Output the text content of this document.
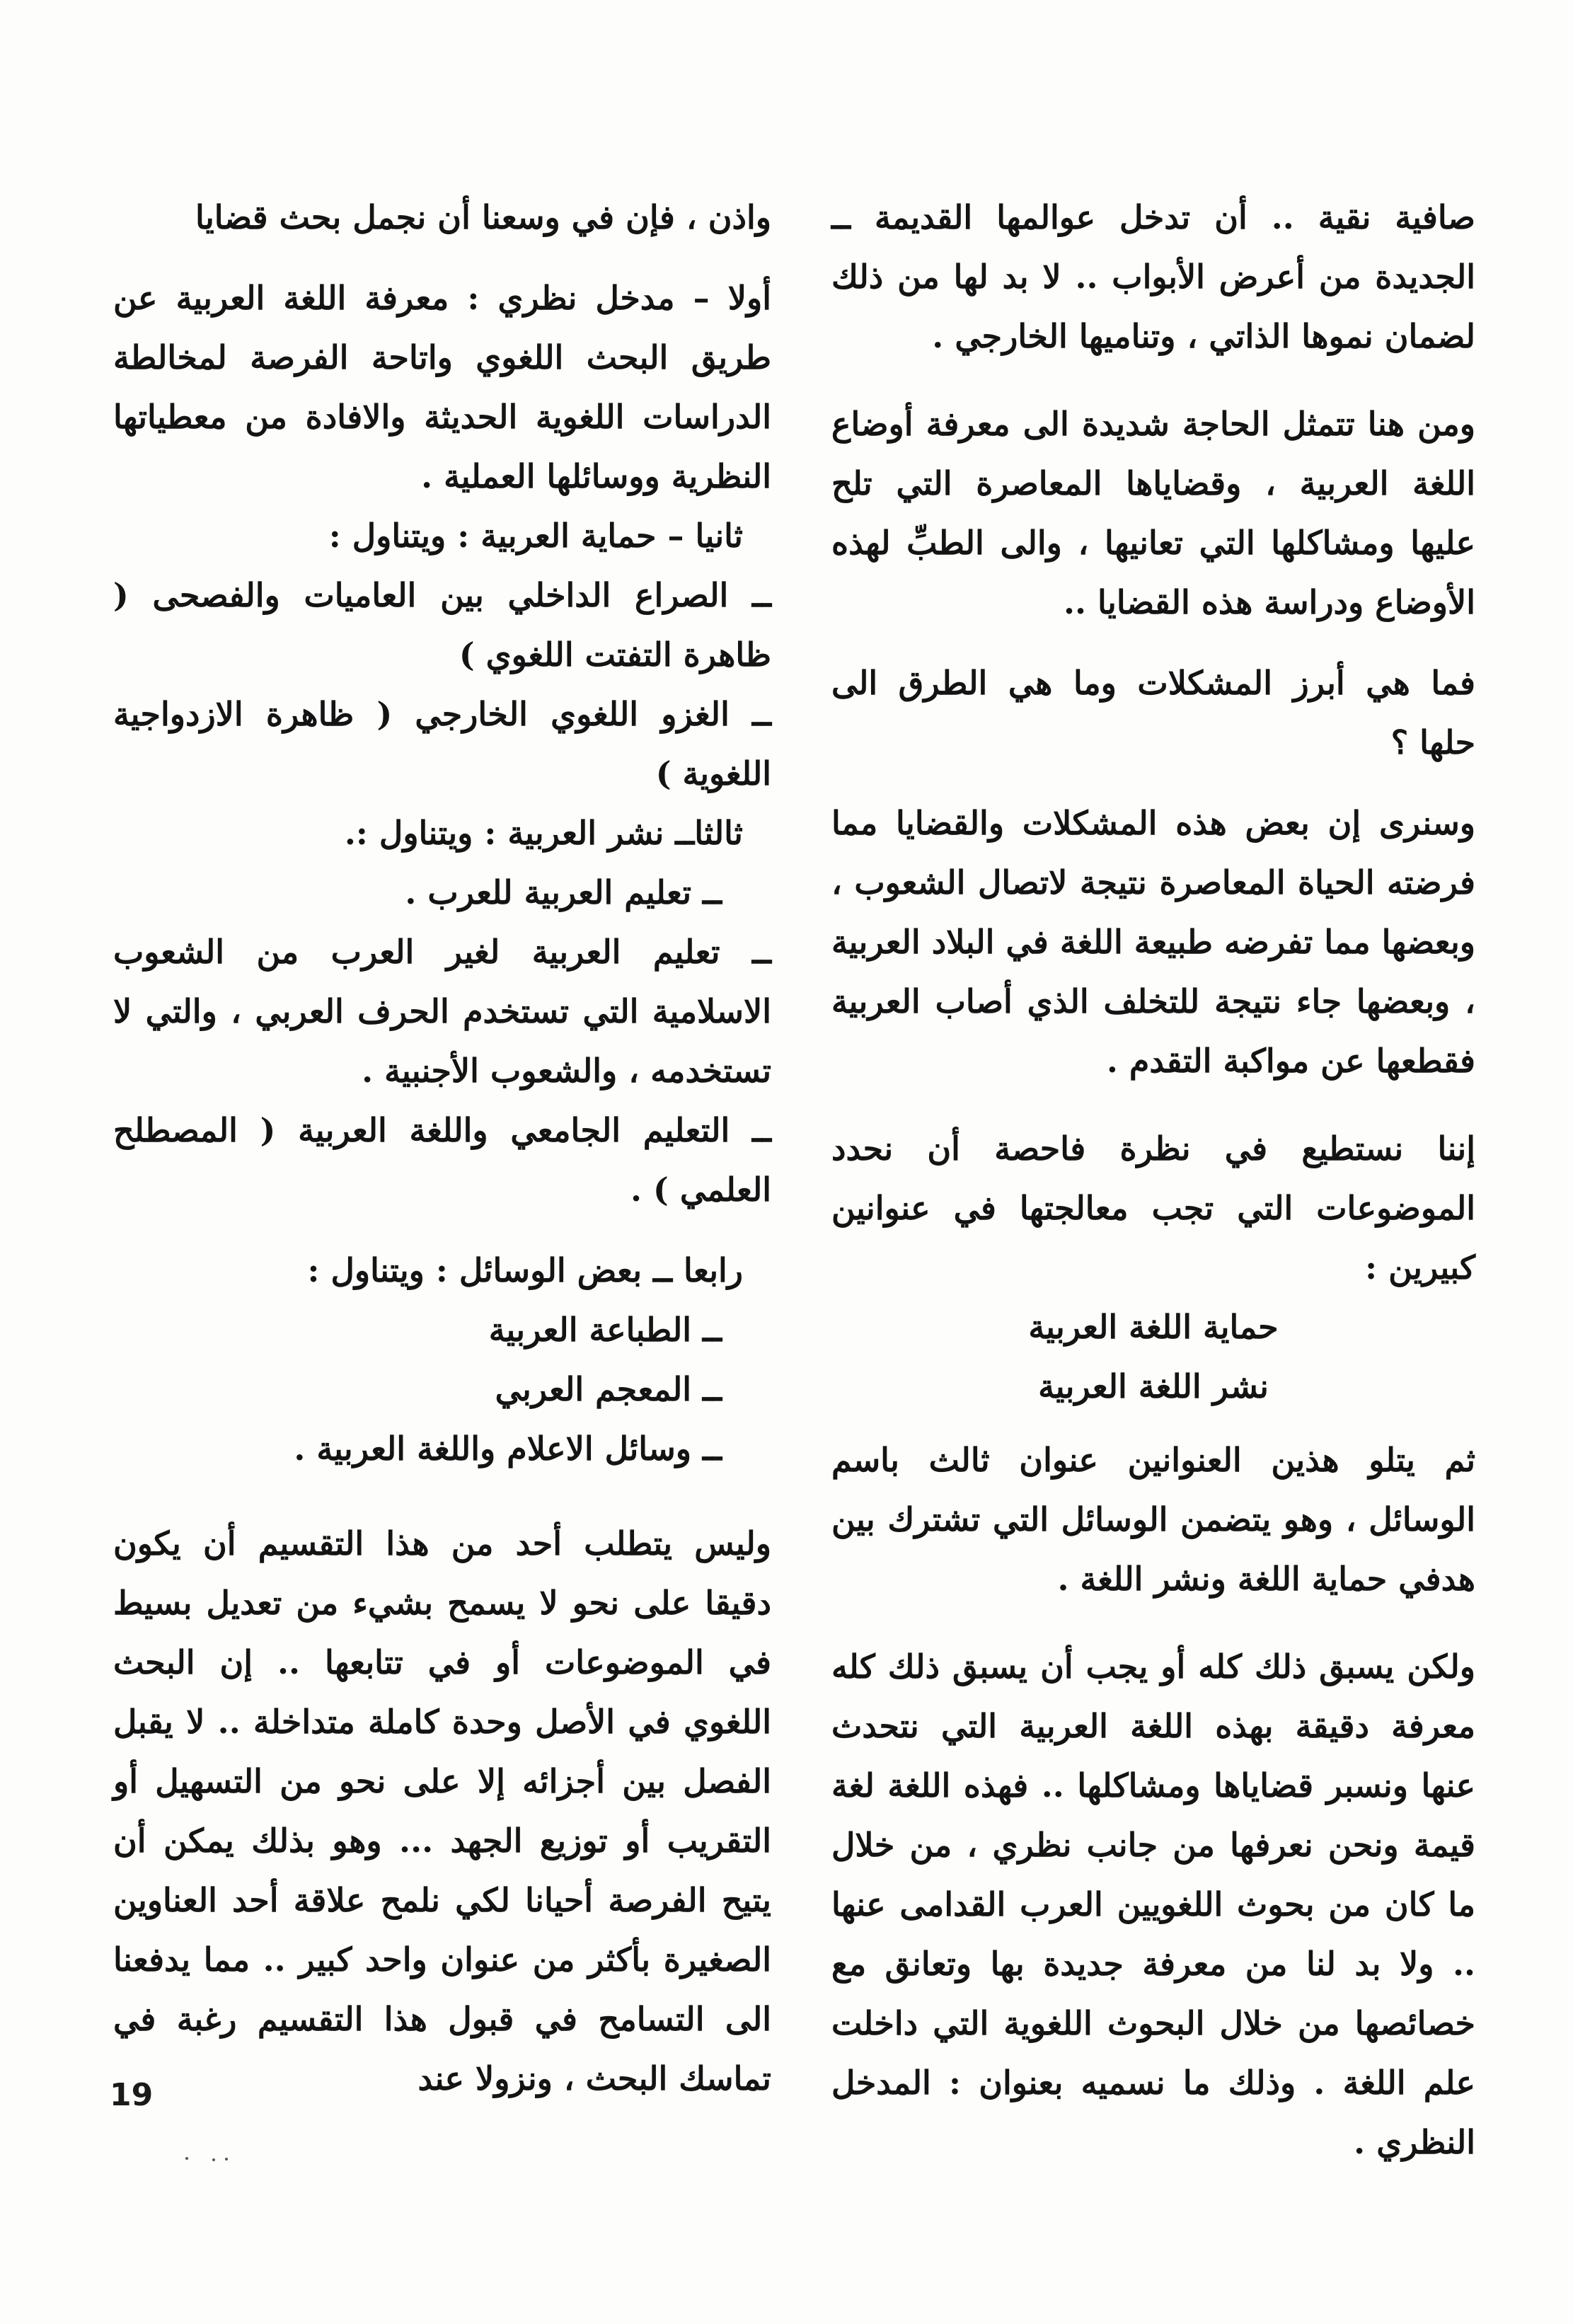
صافية نقية .. أن تدخل عوالمها القديمة ــ الجديدة من أعرض الأبواب .. لا بد لها من ذلك لضمان نموها الذاتي ، وتناميها الخارجي .

ومن هنا تتمثل الحاجة شديدة الى معرفة أوضاع اللغة العربية ، وقضاياها المعاصرة التي تلح عليها ومشاكلها التي تعانيها ، والى الطبِّ لهذه الأوضاع ودراسة هذه القضايا ..

فما هي أبرز المشكلات وما هي الطرق الى حلها ؟

وسنرى إن بعض هذه المشكلات والقضايا مما فرضته الحياة المعاصرة نتيجة لاتصال الشعوب ، وبعضها مما تفرضه طبيعة اللغة في البلاد العربية ، وبعضها جاء نتيجة للتخلف الذي أصاب العربية فقطعها عن مواكبة التقدم .

إننا نستطيع في نظرة فاحصة أن نحدد الموضوعات التي تجب معالجتها في عنوانين كبيرين :

حماية اللغة العربية

نشر اللغة العربية

ثم يتلو هذين العنوانين عنوان ثالث باسم الوسائل ، وهو يتضمن الوسائل التي تشترك بين هدفي حماية اللغة ونشر اللغة .

ولكن يسبق ذلك كله أو يجب أن يسبق ذلك كله معرفة دقيقة بهذه اللغة العربية التي نتحدث عنها ونسبر قضاياها ومشاكلها .. فهذه اللغة لغة قيمة ونحن نعرفها من جانب نظري ، من خلال ما كان من بحوث اللغويين العرب القدامى عنها .. ولا بد لنا من معرفة جديدة بها وتعانق مع خصائصها من خلال البحوث اللغوية التي داخلت علم اللغة . وذلك ما نسميه بعنوان : المدخل النظري .

واذن ، فإن في وسعنا أن نجمل بحث قضايا

أولا – مدخل نظري : معرفة اللغة العربية عن طريق البحث اللغوي واتاحة الفرصة لمخالطة الدراسات اللغوية الحديثة والافادة من معطياتها النظرية ووسائلها العملية .

ثانيا – حماية العربية : ويتناول :

ــ الصراع الداخلي بين العاميات والفصحى ( ظاهرة التفتت اللغوي )

ــ الغزو اللغوي الخارجي ( ظاهرة الازدواجية اللغوية )

ثالثاــ نشر العربية : ويتناول :.

ــ تعليم العربية للعرب .

ــ تعليم العربية لغير العرب من الشعوب الاسلامية التي تستخدم الحرف العربي ، والتي لا تستخدمه ، والشعوب الأجنبية .

ــ التعليم الجامعي واللغة العربية ( المصطلح العلمي ) .

رابعا ــ بعض الوسائل : ويتناول :

ــ الطباعة العربية

ــ المعجم العربي

ــ وسائل الاعلام واللغة العربية .

وليس يتطلب أحد من هذا التقسيم أن يكون دقيقا على نحو لا يسمح بشيء من تعديل بسيط في الموضوعات أو في تتابعها .. إن البحث اللغوي في الأصل وحدة كاملة متداخلة .. لا يقبل الفصل بين أجزائه إلا على نحو من التسهيل أو التقريب أو توزيع الجهد ... وهو بذلك يمكن أن يتيح الفرصة أحيانا لكي نلمح علاقة أحد العناوين الصغيرة بأكثر من عنوان واحد كبير .. مما يدفعنا الى التسامح في قبول هذا التقسيم رغبة في تماسك البحث ، ونزولا عند

19
